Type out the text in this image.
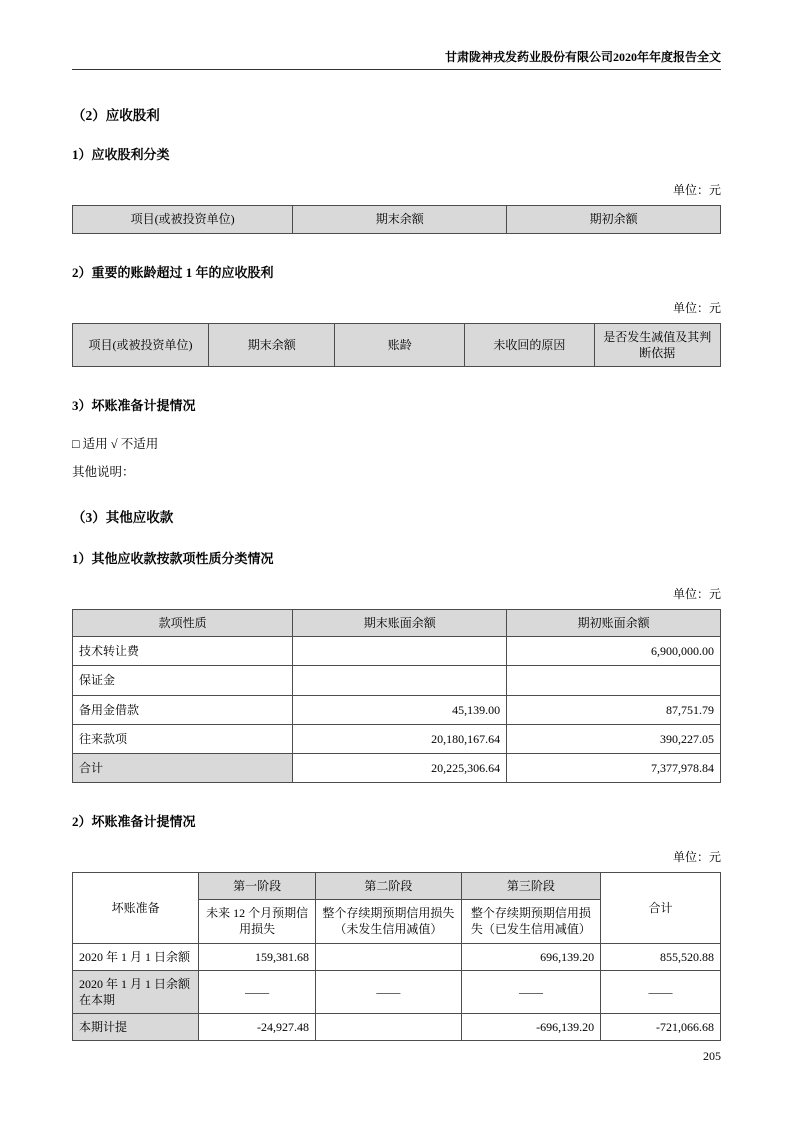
甘肃陇神戎发药业股份有限公司2020年年度报告全文
（2）应收股利
1）应收股利分类
单位：元
项目(或被投资单位)	期末余额	期初余额
2）重要的账龄超过 1 年的应收股利
单位：元
项目(或被投资单位)	期末余额	账龄	未收回的原因	是否发生减值及其判断依据
3）坏账准备计提情况
□ 适用 √ 不适用
其他说明：
（3）其他应收款
1）其他应收款按款项性质分类情况
单位：元
款项性质	期末账面余额	期初账面余额
技术转让费		6,900,000.00
保证金		
备用金借款	45,139.00	87,751.79
往来款项	20,180,167.64	390,227.05
合计	20,225,306.64	7,377,978.84
2）坏账准备计提情况
单位：元
坏账准备	第一阶段	第二阶段	第三阶段	合计
	未来 12 个月预期信用损失	整个存续期预期信用损失（未发生信用减值）	整个存续期预期信用损失（已发生信用减值）	
2020 年 1 月 1 日余额	159,381.68		696,139.20	855,520.88
2020 年 1 月 1 日余额在本期	——	——	——	——
本期计提	-24,927.48		-696,139.20	-721,066.68
205
